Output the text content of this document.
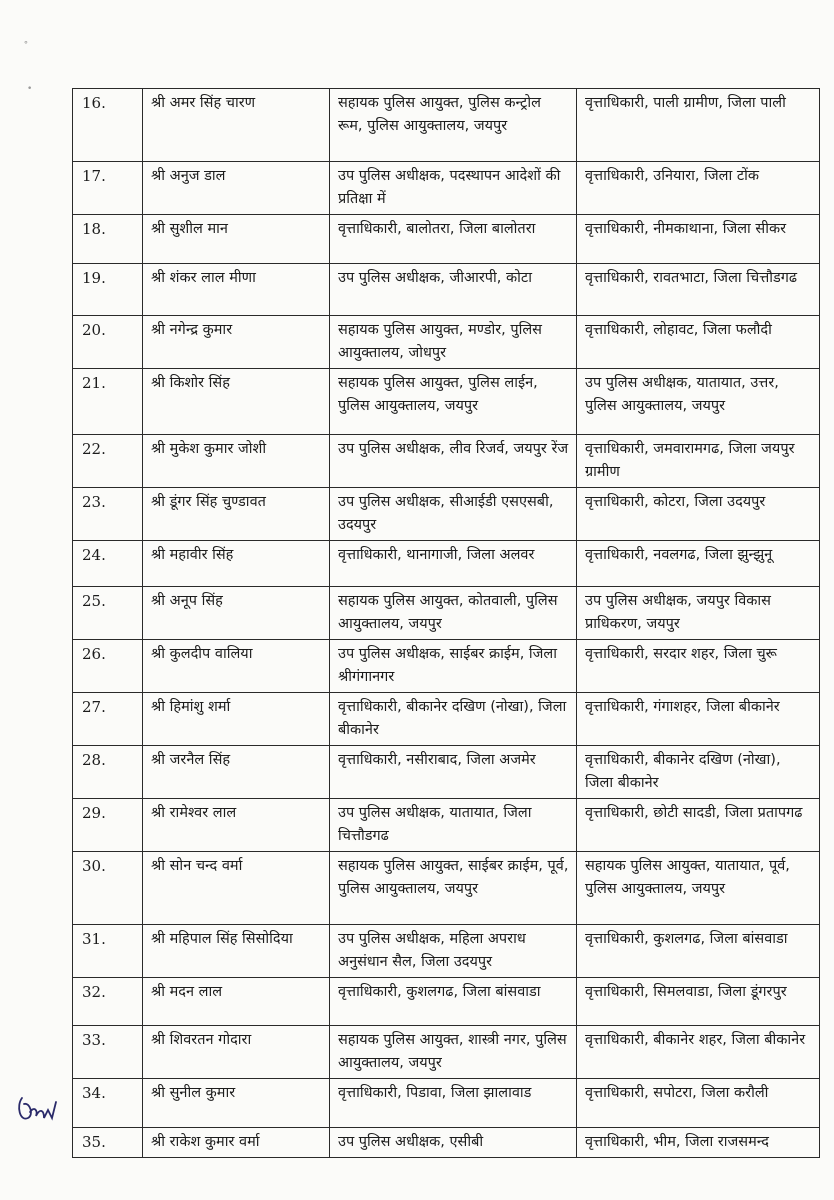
॰
•
16.	श्री अमर सिंह चारण	सहायक पुलिस आयुक्त, पुलिस कन्ट्रोल रूम, पुलिस आयुक्तालय, जयपुर	वृत्ताधिकारी, पाली ग्रामीण, जिला पाली
17.	श्री अनुज डाल	उप पुलिस अधीक्षक, पदस्थापन आदेशों की प्रतिक्षा में	वृत्ताधिकारी, उनियारा, जिला टोंक
18.	श्री सुशील मान	वृत्ताधिकारी, बालोतरा, जिला बालोतरा	वृत्ताधिकारी, नीमकाथाना, जिला सीकर
19.	श्री शंकर लाल मीणा	उप पुलिस अधीक्षक, जीआरपी, कोटा	वृत्ताधिकारी, रावतभाटा, जिला चित्तौडगढ
20.	श्री नगेन्द्र कुमार	सहायक पुलिस आयुक्त, मण्डोर, पुलिस आयुक्तालय, जोधपुर	वृत्ताधिकारी, लोहावट, जिला फलौदी
21.	श्री किशोर सिंह	सहायक पुलिस आयुक्त, पुलिस लाईन, पुलिस आयुक्तालय, जयपुर	उप पुलिस अधीक्षक, यातायात, उत्तर, पुलिस आयुक्तालय, जयपुर
22.	श्री मुकेश कुमार जोशी	उप पुलिस अधीक्षक, लीव रिजर्व, जयपुर रेंज	वृत्ताधिकारी, जमवारामगढ, जिला जयपुर ग्रामीण
23.	श्री डूंगर सिंह चुण्डावत	उप पुलिस अधीक्षक, सीआईडी एसएसबी, उदयपुर	वृत्ताधिकारी, कोटरा, जिला उदयपुर
24.	श्री महावीर सिंह	वृत्ताधिकारी, थानागाजी, जिला अलवर	वृत्ताधिकारी, नवलगढ, जिला झुन्झुनू
25.	श्री अनूप सिंह	सहायक पुलिस आयुक्त, कोतवाली, पुलिस आयुक्तालय, जयपुर	उप पुलिस अधीक्षक, जयपुर विकास प्राधिकरण, जयपुर
26.	श्री कुलदीप वालिया	उप पुलिस अधीक्षक, साईबर क्राईम, जिला श्रीगंगानगर	वृत्ताधिकारी, सरदार शहर, जिला चुरू
27.	श्री हिमांशु शर्मा	वृत्ताधिकारी, बीकानेर दखिण (नोखा), जिला बीकानेर	वृत्ताधिकारी, गंगाशहर, जिला बीकानेर
28.	श्री जरनैल सिंह	वृत्ताधिकारी, नसीराबाद, जिला अजमेर	वृत्ताधिकारी, बीकानेर दखिण (नोखा), जिला बीकानेर
29.	श्री रामेश्वर लाल	उप पुलिस अधीक्षक, यातायात, जिला चित्तौडगढ	वृत्ताधिकारी, छोटी सादडी, जिला प्रतापगढ
30.	श्री सोन चन्द वर्मा	सहायक पुलिस आयुक्त, साईबर क्राईम, पूर्व, पुलिस आयुक्तालय, जयपुर	सहायक पुलिस आयुक्त, यातायात, पूर्व, पुलिस आयुक्तालय, जयपुर
31.	श्री महिपाल सिंह सिसोदिया	उप पुलिस अधीक्षक, महिला अपराध अनुसंधान सैल, जिला उदयपुर	वृत्ताधिकारी, कुशलगढ, जिला बांसवाडा
32.	श्री मदन लाल	वृत्ताधिकारी, कुशलगढ, जिला बांसवाडा	वृत्ताधिकारी, सिमलवाडा, जिला डूंगरपुर
33.	श्री शिवरतन गोदारा	सहायक पुलिस आयुक्त, शास्त्री नगर, पुलिस आयुक्तालय, जयपुर	वृत्ताधिकारी, बीकानेर शहर, जिला बीकानेर
34.	श्री सुनील कुमार	वृत्ताधिकारी, पिडावा, जिला झालावाड	वृत्ताधिकारी, सपोटरा, जिला करौली
35.	श्री राकेश कुमार वर्मा	उप पुलिस अधीक्षक, एसीबी	वृत्ताधिकारी, भीम, जिला राजसमन्द
